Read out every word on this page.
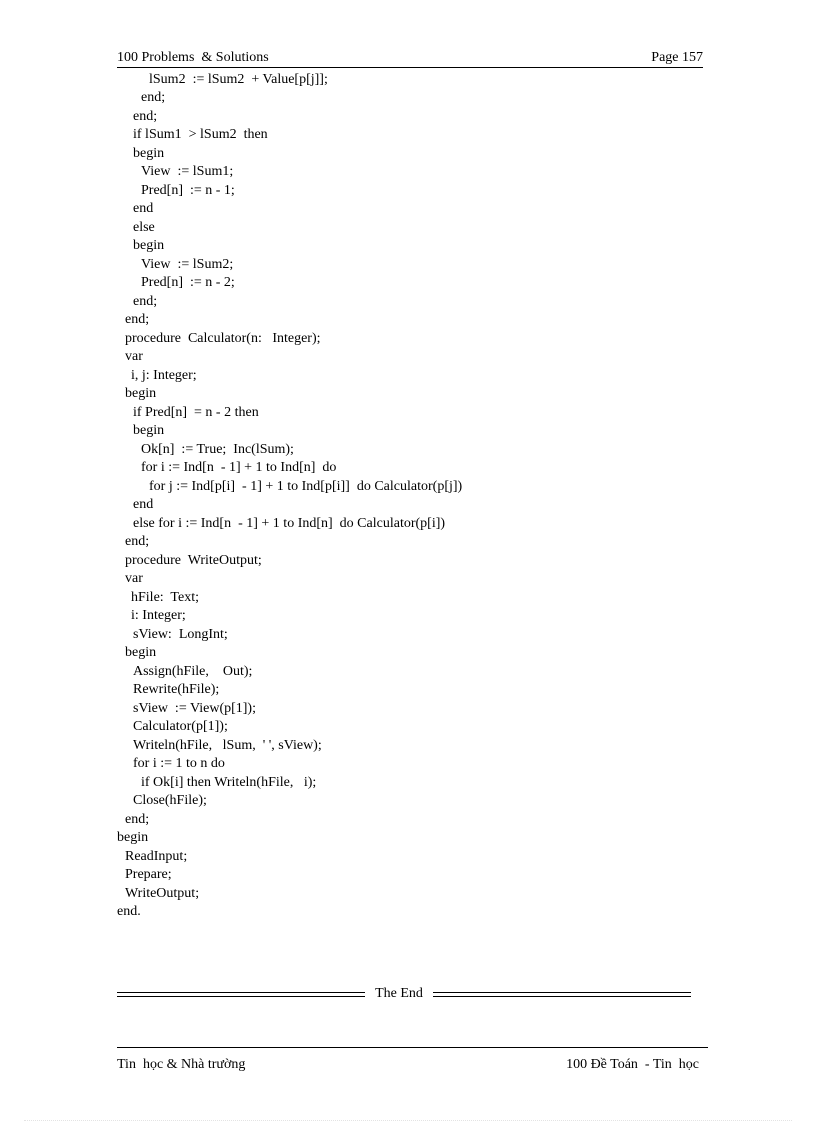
100 Problems  & Solutions	Page 157
lSum2  := lSum2  + Value[p[j]];
end;
end;
if lSum1  > lSum2  then
begin
View  := lSum1;
Pred[n]  := n - 1;
end
else
begin
View  := lSum2;
Pred[n]  := n - 2;
end;
end;
procedure  Calculator(n:   Integer);
var
i, j: Integer;
begin
if Pred[n]  = n - 2 then
begin
Ok[n]  := True;  Inc(lSum);
for i := Ind[n  - 1] + 1 to Ind[n]  do
for j := Ind[p[i]  - 1] + 1 to Ind[p[i]]  do Calculator(p[j])
end
else for i := Ind[n  - 1] + 1 to Ind[n]  do Calculator(p[i])
end;
procedure  WriteOutput;
var
hFile:  Text;
i: Integer;
sView:  LongInt;
begin
Assign(hFile,    Out);
Rewrite(hFile);
sView  := View(p[1]);
Calculator(p[1]);
Writeln(hFile,   lSum,  ' ', sView);
for i := 1 to n do
if Ok[i] then Writeln(hFile,   i);
Close(hFile);
end;
begin
ReadInput;
Prepare;
WriteOutput;
end.
The End
Tin  học & Nhà trường	100 Đề Toán  - Tin  học
